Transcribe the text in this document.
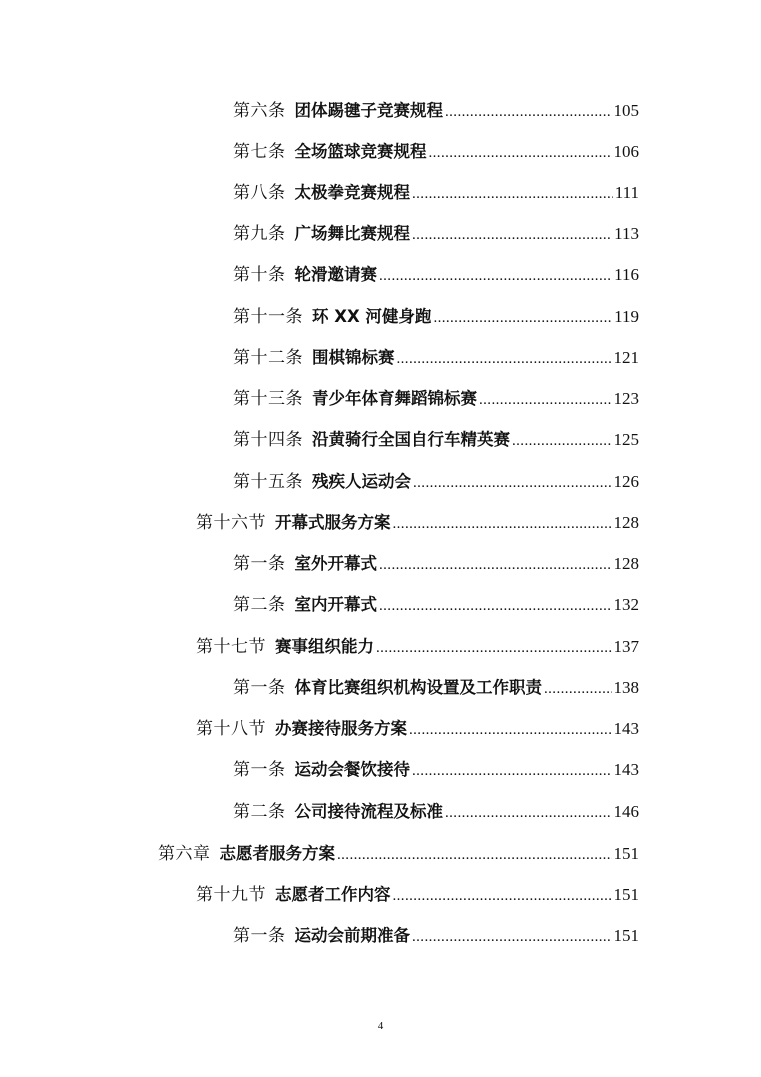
第六条 团体踢毽子竞赛规程 .....	105
第七条 全场篮球竞赛规程 .....	106
第八条 太极拳竞赛规程 .....	111
第九条 广场舞比赛规程 .....	113
第十条 轮滑邀请赛 .....	116
第十一条 环 XX 河健身跑 .....	119
第十二条 围棋锦标赛 .....	121
第十三条 青少年体育舞蹈锦标赛 .....	123
第十四条 沿黄骑行全国自行车精英赛 .....	125
第十五条 残疾人运动会 .....	126
第十六节 开幕式服务方案 .....	128
第一条 室外开幕式 .....	128
第二条 室内开幕式 .....	132
第十七节 赛事组织能力 .....	137
第一条 体育比赛组织机构设置及工作职责 .....	138
第十八节 办赛接待服务方案 .....	143
第一条 运动会餐饮接待 .....	143
第二条 公司接待流程及标准 .....	146
第六章 志愿者服务方案 .....	151
第十九节 志愿者工作内容 .....	151
第一条 运动会前期准备 .....	151
4
